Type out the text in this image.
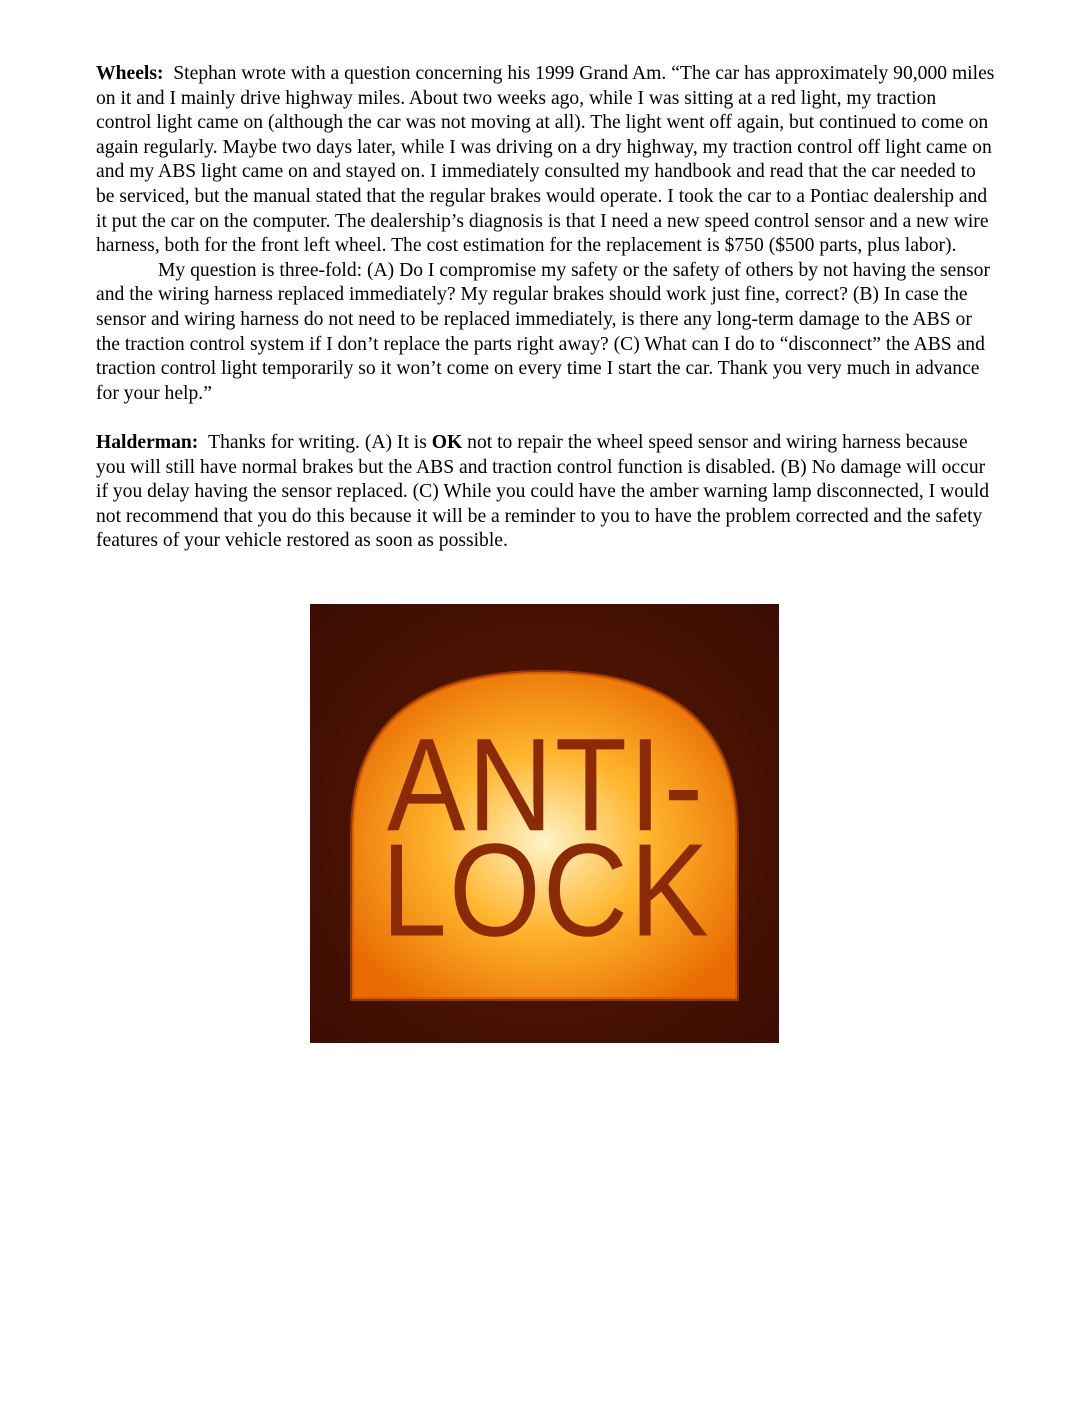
Wheels: Stephan wrote with a question concerning his 1999 Grand Am. “The car has approximately 90,000 miles on it and I mainly drive highway miles. About two weeks ago, while I was sitting at a red light, my traction control light came on (although the car was not moving at all). The light went off again, but continued to come on again regularly. Maybe two days later, while I was driving on a dry highway, my traction control off light came on and my ABS light came on and stayed on. I immediately consulted my handbook and read that the car needed to be serviced, but the manual stated that the regular brakes would operate. I took the car to a Pontiac dealership and it put the car on the computer. The dealership’s diagnosis is that I need a new speed control sensor and a new wire harness, both for the front left wheel. The cost estimation for the replacement is $750 ($500 parts, plus labor).

My question is three-fold: (A) Do I compromise my safety or the safety of others by not having the sensor and the wiring harness replaced immediately? My regular brakes should work just fine, correct? (B) In case the sensor and wiring harness do not need to be replaced immediately, is there any long-term damage to the ABS or the traction control system if I don’t replace the parts right away? (C) What can I do to “disconnect” the ABS and traction control light temporarily so it won’t come on every time I start the car. Thank you very much in advance for your help.”

Halderman: Thanks for writing. (A) It is OK not to repair the wheel speed sensor and wiring harness because you will still have normal brakes but the ABS and traction control function is disabled. (B) No damage will occur if you delay having the sensor replaced. (C) While you could have the amber warning lamp disconnected, I would not recommend that you do this because it will be a reminder to you to have the problem corrected and the safety features of your vehicle restored as soon as possible.

ANTI-
LOCK
